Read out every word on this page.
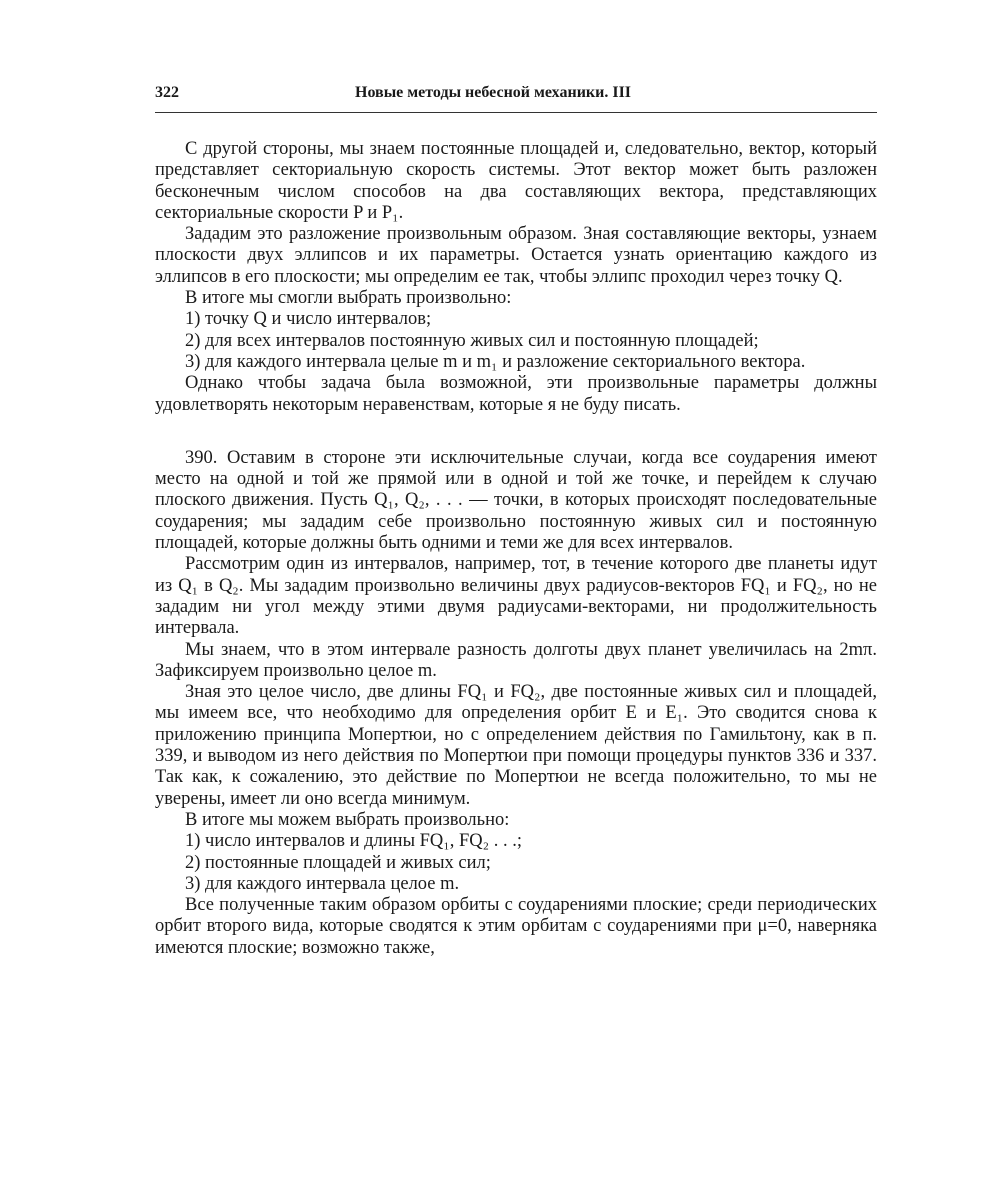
322	Новые методы небесной механики. III

С другой стороны, мы знаем постоянные площадей и, следовательно, вектор, который представляет секториальную скорость системы. Этот вектор может быть разложен бесконечным числом способов на два составляющих вектора, представляющих секториальные скорости P и P₁.

Зададим это разложение произвольным образом. Зная составляющие векторы, узнаем плоскости двух эллипсов и их параметры. Остается узнать ориентацию каждого из эллипсов в его плоскости; мы определим ее так, чтобы эллипс проходил через точку Q.

В итоге мы смогли выбрать произвольно:

1) точку Q и число интервалов;

2) для всех интервалов постоянную живых сил и постоянную площадей;

3) для каждого интервала целые m и m₁ и разложение секториального вектора.

Однако чтобы задача была возможной, эти произвольные параметры должны удовлетворять некоторым неравенствам, которые я не буду писать.

390. Оставим в стороне эти исключительные случаи, когда все соударения имеют место на одной и той же прямой или в одной и той же точке, и перейдем к случаю плоского движения. Пусть Q₁, Q₂, . . . — точки, в которых происходят последовательные соударения; мы зададим себе произвольно постоянную живых сил и постоянную площадей, которые должны быть одними и теми же для всех интервалов.

Рассмотрим один из интервалов, например, тот, в течение которого две планеты идут из Q₁ в Q₂. Мы зададим произвольно величины двух радиусов-векторов FQ₁ и FQ₂, но не зададим ни угол между этими двумя радиусами-векторами, ни продолжительность интервала.

Мы знаем, что в этом интервале разность долготы двух планет увеличилась на 2mπ. Зафиксируем произвольно целое m.

Зная это целое число, две длины FQ₁ и FQ₂, две постоянные живых сил и площадей, мы имеем все, что необходимо для определения орбит E и E₁. Это сводится снова к приложению принципа Мопертюи, но с определением действия по Гамильтону, как в п. 339, и выводом из него действия по Мопертюи при помощи процедуры пунктов 336 и 337. Так как, к сожалению, это действие по Мопертюи не всегда положительно, то мы не уверены, имеет ли оно всегда минимум.

В итоге мы можем выбрать произвольно:

1) число интервалов и длины FQ₁, FQ₂ . . .;

2) постоянные площадей и живых сил;

3) для каждого интервала целое m.

Все полученные таким образом орбиты с соударениями плоские; среди периодических орбит второго вида, которые сводятся к этим орбитам с соударениями при μ=0, наверняка имеются плоские; возможно также,
